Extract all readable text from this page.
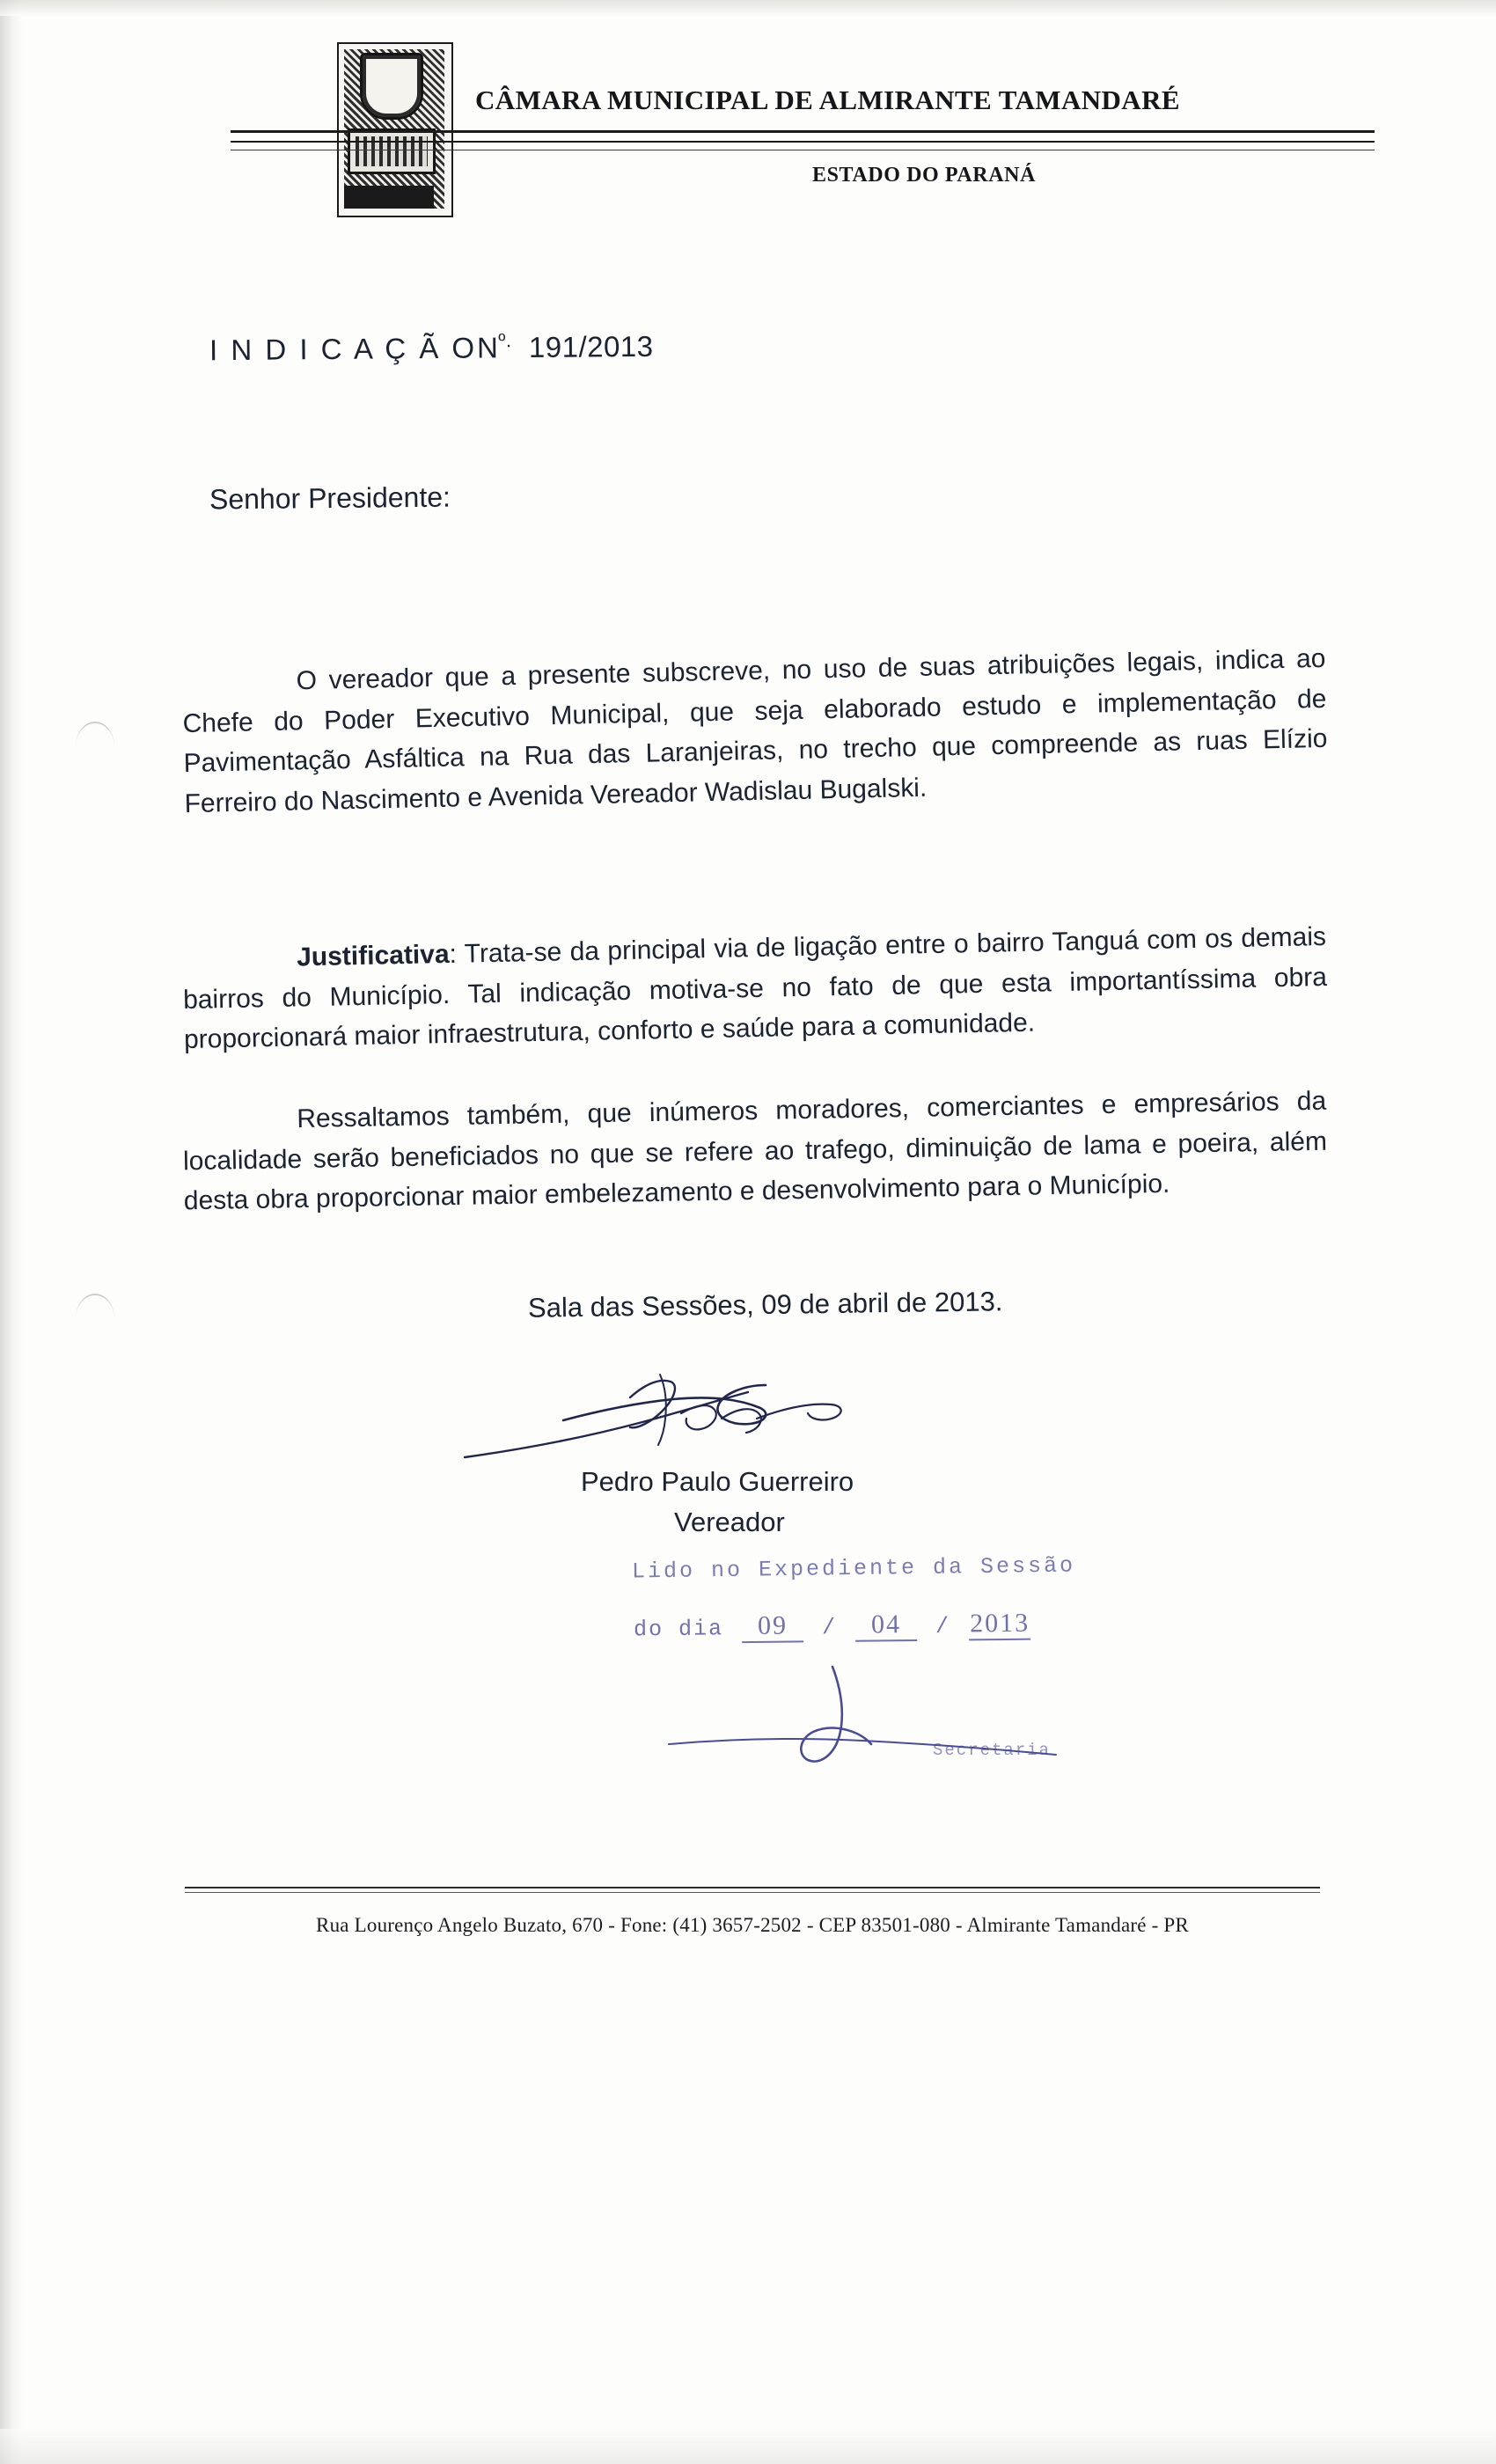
CÂMARA MUNICIPAL DE ALMIRANTE TAMANDARÉ
ESTADO DO PARANÁ
I N D I C A Ç Ã $ON^{º.}$ 191/2013
Senhor Presidente:
O vereador que a presente subscreve, no uso de suas atribuições legais, indica ao Chefe do Poder Executivo Municipal, que seja elaborado estudo e implementação de Pavimentação Asfáltica na Rua das Laranjeiras, no trecho que compreende as ruas Elízio Ferreiro do Nascimento e Avenida Vereador Wadislau Bugalski.
Justificativa: Trata-se da principal via de ligação entre o bairro Tanguá com os demais bairros do Município. Tal indicação motiva-se no fato de que esta importantíssima obra proporcionará maior infraestrutura, conforto e saúde para a comunidade.
Ressaltamos também, que inúmeros moradores, comerciantes e empresários da localidade serão beneficiados no que se refere ao trafego, diminuição de lama e poeira, além desta obra proporcionar maior embelezamento e desenvolvimento para o Município.
Sala das Sessões, 09 de abril de 2013.
Pedro Paulo Guerreiro
Vereador
Lido no Expediente da Sessão
do dia 09 / 04 / 2013
Secretaria
Rua Lourenço Angelo Buzato, 670 - Fone: (41) 3657-2502 - CEP 83501-080 - Almirante Tamandaré - PR
